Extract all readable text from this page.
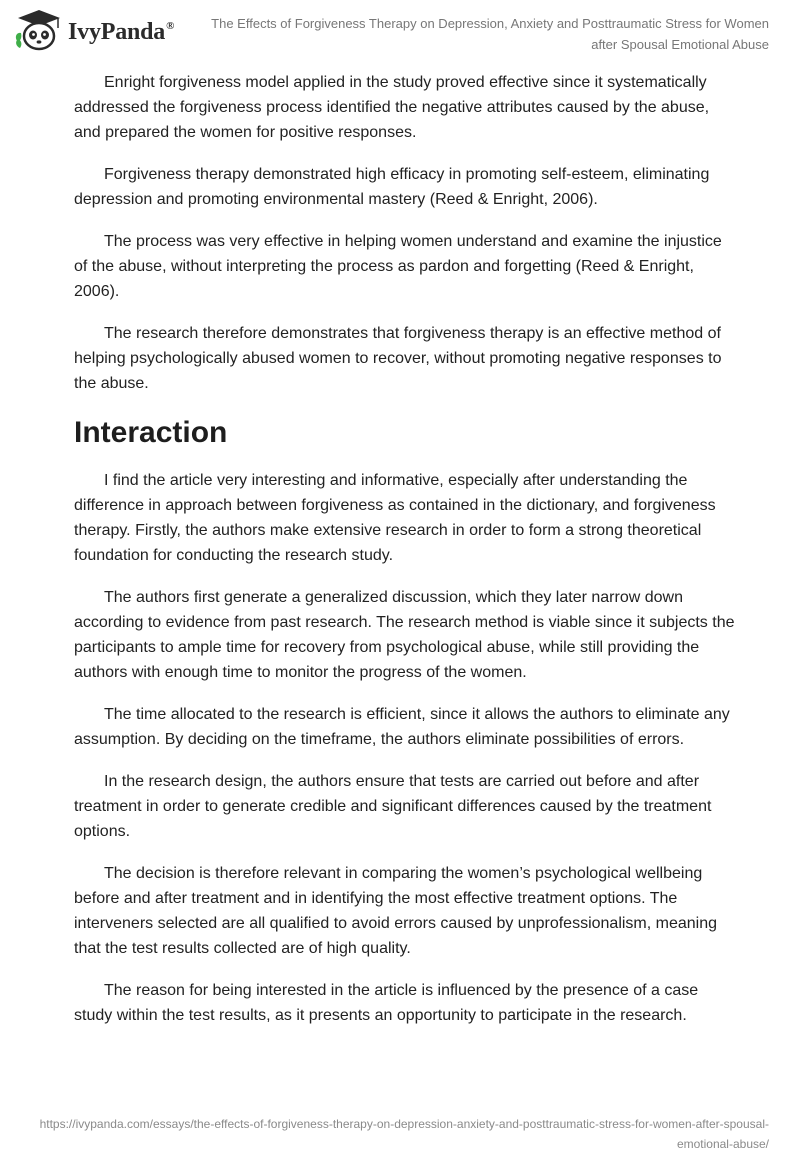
IvyPanda®	The Effects of Forgiveness Therapy on Depression, Anxiety and Posttraumatic Stress for Women after Spousal Emotional Abuse

Enright forgiveness model applied in the study proved effective since it systematically addressed the forgiveness process identified the negative attributes caused by the abuse, and prepared the women for positive responses.

Forgiveness therapy demonstrated high efficacy in promoting self-esteem, eliminating depression and promoting environmental mastery (Reed & Enright, 2006).

The process was very effective in helping women understand and examine the injustice of the abuse, without interpreting the process as pardon and forgetting (Reed & Enright, 2006).

The research therefore demonstrates that forgiveness therapy is an effective method of helping psychologically abused women to recover, without promoting negative responses to the abuse.

Interaction

I find the article very interesting and informative, especially after understanding the difference in approach between forgiveness as contained in the dictionary, and forgiveness therapy. Firstly, the authors make extensive research in order to form a strong theoretical foundation for conducting the research study.

The authors first generate a generalized discussion, which they later narrow down according to evidence from past research. The research method is viable since it subjects the participants to ample time for recovery from psychological abuse, while still providing the authors with enough time to monitor the progress of the women.

The time allocated to the research is efficient, since it allows the authors to eliminate any assumption. By deciding on the timeframe, the authors eliminate possibilities of errors.

In the research design, the authors ensure that tests are carried out before and after treatment in order to generate credible and significant differences caused by the treatment options.

The decision is therefore relevant in comparing the women’s psychological wellbeing before and after treatment and in identifying the most effective treatment options. The interveners selected are all qualified to avoid errors caused by unprofessionalism, meaning that the test results collected are of high quality.

The reason for being interested in the article is influenced by the presence of a case study within the test results, as it presents an opportunity to participate in the research.

https://ivypanda.com/essays/the-effects-of-forgiveness-therapy-on-depression-anxiety-and-posttraumatic-stress-for-women-after-spousal-emotional-abuse/
